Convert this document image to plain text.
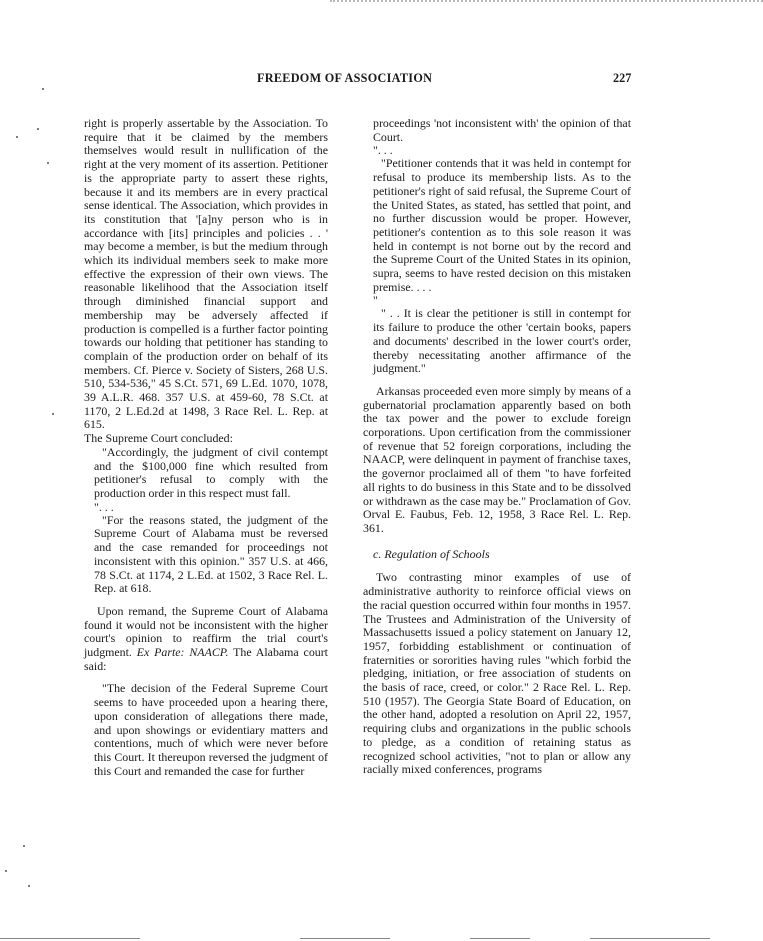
FREEDOM OF ASSOCIATION	227

right is properly assertable by the Association. To require that it be claimed by the members themselves would result in nullification of the right at the very moment of its assertion. Petitioner is the appropriate party to assert these rights, because it and its members are in every practical sense identical. The Association, which provides in its constitution that '[a]ny person who is in accordance with [its] principles and policies . . ' may become a member, is but the medium through which its individual members seek to make more effective the expression of their own views. The reasonable likelihood that the Association itself through diminished financial support and membership may be adversely affected if production is compelled is a further factor pointing towards our holding that petitioner has standing to complain of the production order on behalf of its members. Cf. Pierce v. Society of Sisters, 268 U.S. 510, 534-536," 45 S.Ct. 571, 69 L.Ed. 1070, 1078, 39 A.L.R. 468. 357 U.S. at 459-60, 78 S.Ct. at 1170, 2 L.Ed.2d at 1498, 3 Race Rel. L. Rep. at 615.

The Supreme Court concluded:

"Accordingly, the judgment of civil contempt and the $100,000 fine which resulted from petitioner's refusal to comply with the production order in this respect must fall.

". . .

"For the reasons stated, the judgment of the Supreme Court of Alabama must be reversed and the case remanded for proceedings not inconsistent with this opinion." 357 U.S. at 466, 78 S.Ct. at 1174, 2 L.Ed. at 1502, 3 Race Rel. L. Rep. at 618.

Upon remand, the Supreme Court of Alabama found it would not be inconsistent with the higher court's opinion to reaffirm the trial court's judgment. Ex Parte: NAACP. The Alabama court said:

"The decision of the Federal Supreme Court seems to have proceeded upon a hearing there, upon consideration of allegations there made, and upon showings or evidentiary matters and contentions, much of which were never before this Court. It thereupon reversed the judgment of this Court and remanded the case for further

proceedings 'not inconsistent with' the opinion of that Court.

". . .

"Petitioner contends that it was held in contempt for refusal to produce its membership lists. As to the petitioner's right of said refusal, the Supreme Court of the United States, as stated, has settled that point, and no further discussion would be proper. However, petitioner's contention as to this sole reason it was held in contempt is not borne out by the record and the Supreme Court of the United States in its opinion, supra, seems to have rested decision on this mistaken premise. . . .

"

" . . It is clear the petitioner is still in contempt for its failure to produce the other 'certain books, papers and documents' described in the lower court's order, thereby necessitating another affirmance of the judgment."

Arkansas proceeded even more simply by means of a gubernatorial proclamation apparently based on both the tax power and the power to exclude foreign corporations. Upon certification from the commissioner of revenue that 52 foreign corporations, including the NAACP, were delinquent in payment of franchise taxes, the governor proclaimed all of them "to have forfeited all rights to do business in this State and to be dissolved or withdrawn as the case may be." Proclamation of Gov. Orval E. Faubus, Feb. 12, 1958, 3 Race Rel. L. Rep. 361.

c. Regulation of Schools

Two contrasting minor examples of use of administrative authority to reinforce official views on the racial question occurred within four months in 1957. The Trustees and Administration of the University of Massachusetts issued a policy statement on January 12, 1957, forbidding establishment or continuation of fraternities or sororities having rules "which forbid the pledging, initiation, or free association of students on the basis of race, creed, or color." 2 Race Rel. L. Rep. 510 (1957). The Georgia State Board of Education, on the other hand, adopted a resolution on April 22, 1957, requiring clubs and organizations in the public schools to pledge, as a condition of retaining status as recognized school activities, "not to plan or allow any racially mixed conferences, programs
